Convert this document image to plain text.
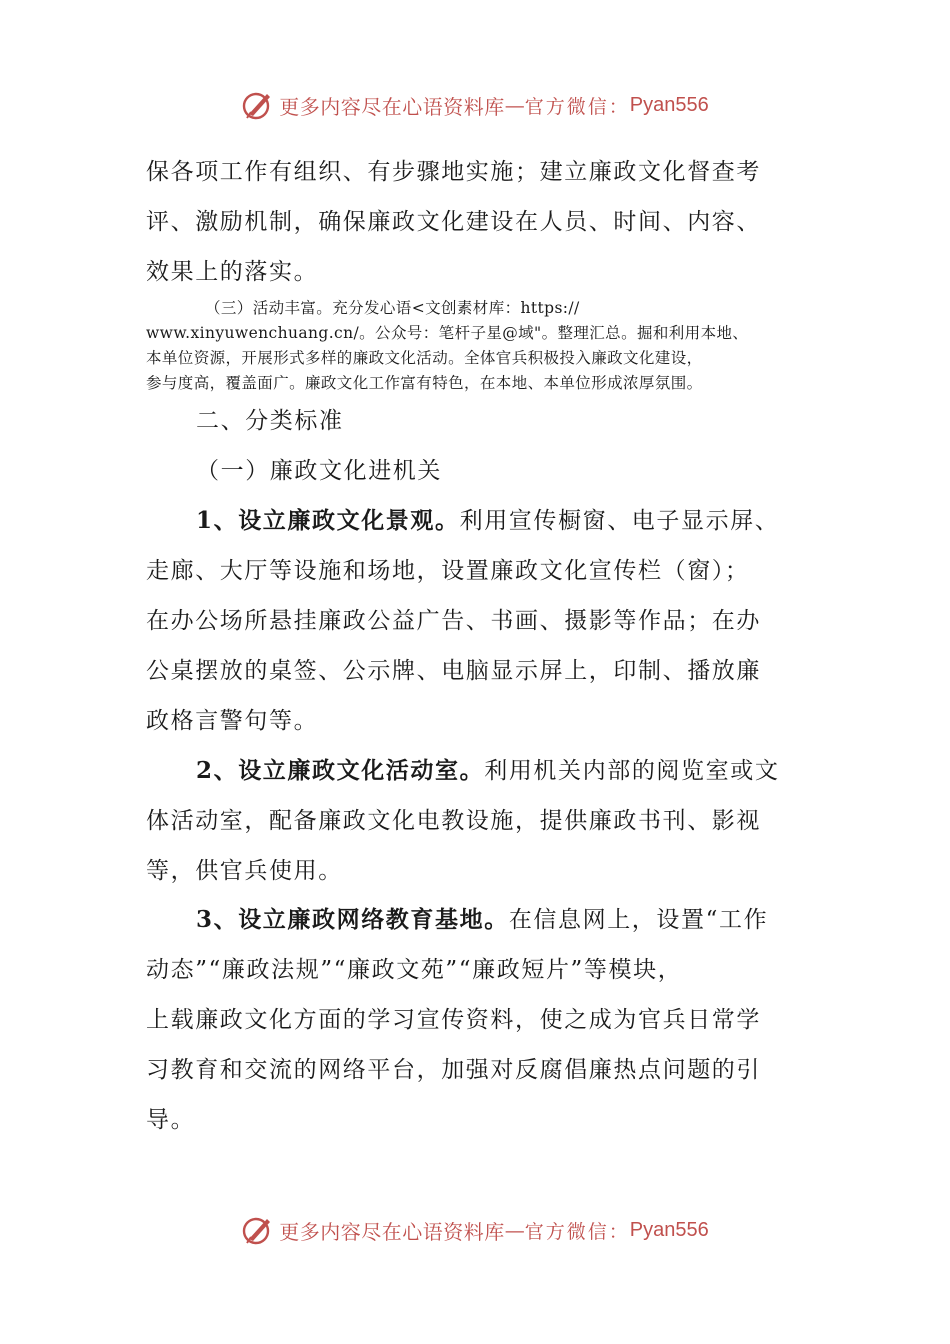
更多内容尽在心语资料库 — 官方微信： Pyan556
保各项工作有组织、有步骤地实施；建立廉政文化督查考
评、激励机制，确保廉政文化建设在人员、时间、内容、
效果上的落实。
（三）活动丰富。充分发心语<文创素材库：https://
www.xinyuwenchuang.cn/。公众号：笔杆子星@域"。整理汇总。掘和利用本地、
本单位资源，开展形式多样的廉政文化活动。全体官兵积极投入廉政文化建设，
参与度高，覆盖面广。廉政文化工作富有特色，在本地、本单位形成浓厚氛围。
二、分类标准
（一）廉政文化进机关
1、设立廉政文化景观。利用宣传橱窗、电子显示屏、
走廊、大厅等设施和场地，设置廉政文化宣传栏（窗）；
在办公场所悬挂廉政公益广告、书画、摄影等作品；在办
公桌摆放的桌签、公示牌、电脑显示屏上，印制、播放廉
政格言警句等。
2、设立廉政文化活动室。利用机关内部的阅览室或文
体活动室，配备廉政文化电教设施，提供廉政书刊、影视
等，供官兵使用。
3、设立廉政网络教育基地。在信息网上，设置“工作
动态”“廉政法规”“廉政文苑”“廉政短片”等模块，
上载廉政文化方面的学习宣传资料，使之成为官兵日常学
习教育和交流的网络平台，加强对反腐倡廉热点问题的引
导。
更多内容尽在心语资料库 — 官方微信： Pyan556
